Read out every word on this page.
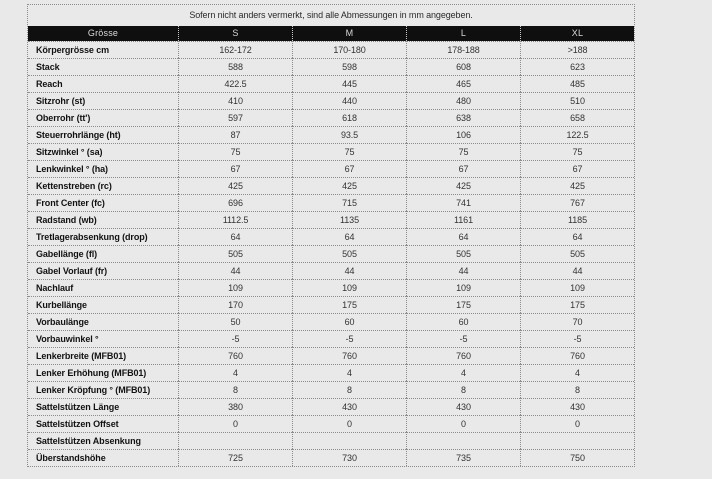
Sofern nicht anders vermerkt, sind alle Abmessungen in mm angegeben.
Grösse	S	M	L	XL
Körpergrösse cm	162-172	170-180	178-188	>188
Stack	588	598	608	623
Reach	422.5	445	465	485
Sitzrohr (st)	410	440	480	510
Oberrohr (tt')	597	618	638	658
Steuerrohrlänge (ht)	87	93.5	106	122.5
Sitzwinkel ° (sa)	75	75	75	75
Lenkwinkel ° (ha)	67	67	67	67
Kettenstreben (rc)	425	425	425	425
Front Center (fc)	696	715	741	767
Radstand (wb)	1112.5	1135	1161	1185
Tretlagerabsenkung (drop)	64	64	64	64
Gabellänge (fl)	505	505	505	505
Gabel Vorlauf (fr)	44	44	44	44
Nachlauf	109	109	109	109
Kurbellänge	170	175	175	175
Vorbaulänge	50	60	60	70
Vorbauwinkel °	-5	-5	-5	-5
Lenkerbreite (MFB01)	760	760	760	760
Lenker Erhöhung (MFB01)	4	4	4	4
Lenker Kröpfung ° (MFB01)	8	8	8	8
Sattelstützen Länge	380	430	430	430
Sattelstützen Offset	0	0	0	0
Sattelstützen Absenkung				
Überstandshöhe	725	730	735	750
